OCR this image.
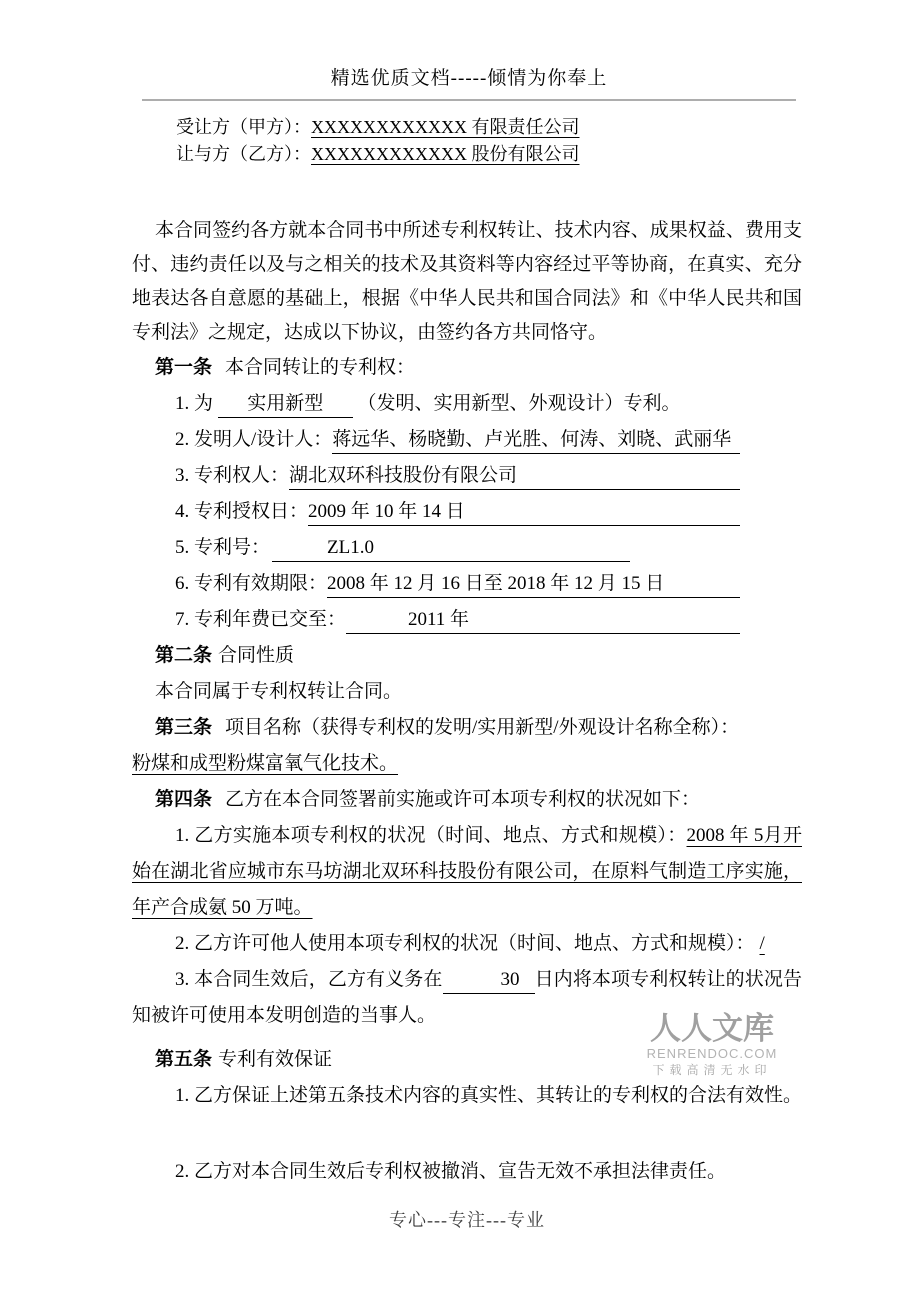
人人文库
RENRENDOC.COM
下载高清无水印
精选优质文档-----倾情为你奉上

受让方（甲方）：XXXXXXXXXXXX 有限责任公司

让与方（乙方）：XXXXXXXXXXXX 股份有限公司

本合同签约各方就本合同书中所述专利权转让、技术内容、成果权益、费用支付、违约责任以及与之相关的技术及其资料等内容经过平等协商，在真实、充分地表达各自意愿的基础上，根据《中华人民共和国合同法》和《中华人民共和国专利法》之规定，达成以下协议，由签约各方共同恪守。

第一条 本合同转让的专利权：

1. 为 实用新型 （发明、实用新型、外观设计）专利。

2. 发明人/设计人： 蒋远华、杨晓勤、卢光胜、何涛、刘晓、武丽华

3. 专利权人： 湖北双环科技股份有限公司

4. 专利授权日： 2009 年 10 年 14 日

5. 专利号：	ZL1.0

6. 专利有效期限： 2008 年 12 月 16 日至 2018 年 12 月 15 日

7. 专利年费已交至：	2011 年

第二条 合同性质

本合同属于专利权转让合同。

第三条 项目名称（获得专利权的发明/实用新型/外观设计名称全称）：

粉煤和成型粉煤富氧气化技术。

第四条 乙方在本合同签署前实施或许可本项专利权的状况如下：

1. 乙方实施本项专利权的状况（时间、地点、方式和规模）：2008 年 5月开始在湖北省应城市东马坊湖北双环科技股份有限公司，在原料气制造工序实施，年产合成氨 50 万吨。

2. 乙方许可他人使用本项专利权的状况（时间、地点、方式和规模）： /

3. 本合同生效后，乙方有义务在	30 日内将本项专利权转让的状况告知被许可使用本发明创造的当事人。

第五条 专利有效保证

1. 乙方保证上述第五条技术内容的真实性、其转让的专利权的合法有效性。

2. 乙方对本合同生效后专利权被撤消、宣告无效不承担法律责任。

专心---专注---专业
